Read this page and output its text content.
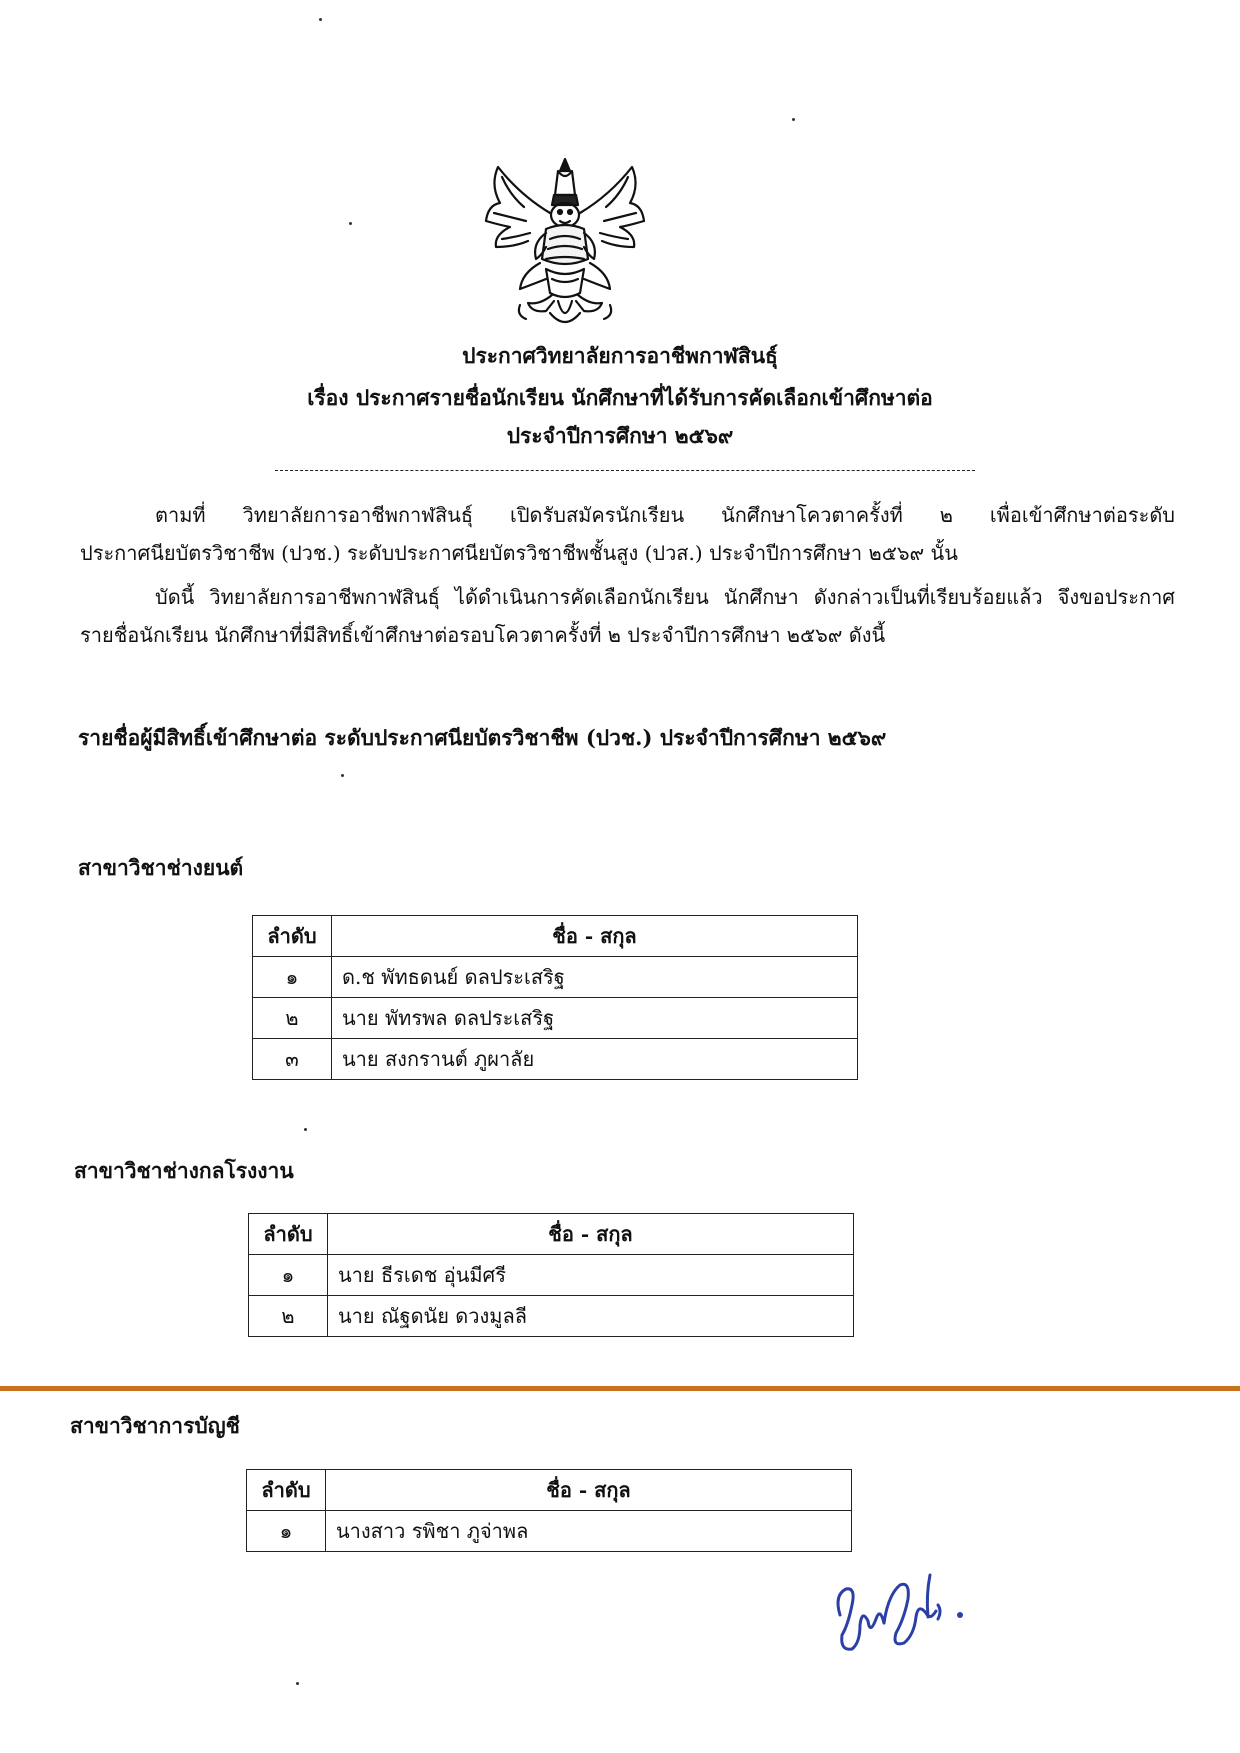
ประกาศวิทยาลัยการอาชีพกาฬสินธุ์
เรื่อง ประกาศรายชื่อนักเรียน นักศึกษาที่ได้รับการคัดเลือกเข้าศึกษาต่อ
ประจำปีการศึกษา ๒๕๖๙
ตามที่ วิทยาลัยการอาชีพกาฬสินธุ์ เปิดรับสมัครนักเรียน นักศึกษาโควตาครั้งที่ ๒ เพื่อเข้าศึกษาต่อระดับ
ประกาศนียบัตรวิชาชีพ (ปวช.) ระดับประกาศนียบัตรวิชาชีพชั้นสูง (ปวส.) ประจำปีการศึกษา ๒๕๖๙ นั้น
บัดนี้ วิทยาลัยการอาชีพกาฬสินธุ์ ได้ดำเนินการคัดเลือกนักเรียน นักศึกษา ดังกล่าวเป็นที่เรียบร้อยแล้ว จึงขอประกาศ
รายชื่อนักเรียน นักศึกษาที่มีสิทธิ์เข้าศึกษาต่อรอบโควตาครั้งที่ ๒ ประจำปีการศึกษา ๒๕๖๙ ดังนี้
รายชื่อผู้มีสิทธิ์เข้าศึกษาต่อ ระดับประกาศนียบัตรวิชาชีพ (ปวช.) ประจำปีการศึกษา ๒๕๖๙
สาขาวิชาช่างยนต์
ลำดับ	ชื่อ - สกุล
๑	ด.ช พัทธดนย์ ดลประเสริฐ
๒	นาย พัทรพล ดลประเสริฐ
๓	นาย สงกรานต์ ภูผาลัย
สาขาวิชาช่างกลโรงงาน
ลำดับ	ชื่อ - สกุล
๑	นาย ธีรเดช อุ่นมีศรี
๒	นาย ณัฐดนัย ดวงมูลลี
สาขาวิชาการบัญชี
ลำดับ	ชื่อ - สกุล
๑	นางสาว รพิชา ภูจ่าพล
